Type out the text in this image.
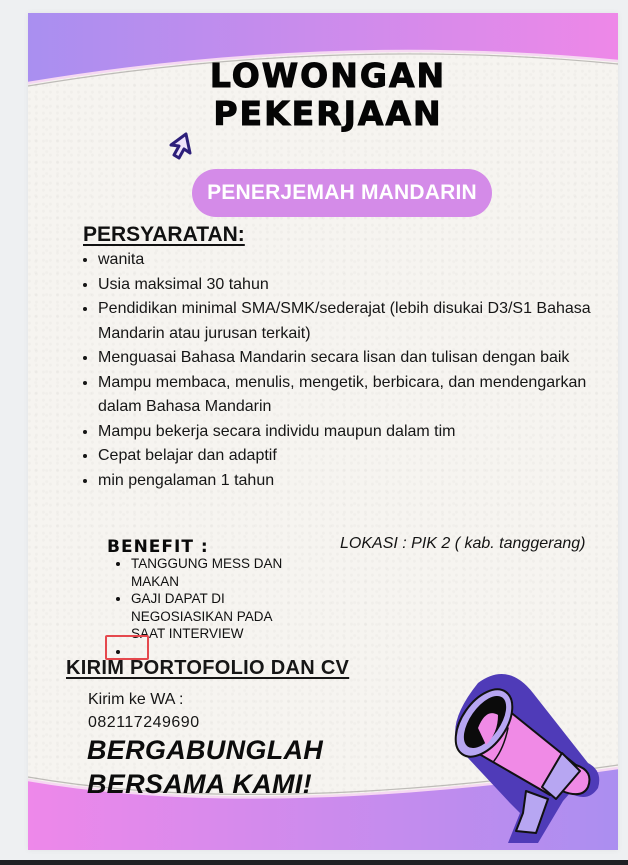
LOWONGAN
PEKERJAAN
PENERJEMAH MANDARIN
PERSYARATAN:
• wanita
• Usia maksimal 30 tahun
• Pendidikan minimal SMA/SMK/sederajat (lebih disukai D3/S1 Bahasa Mandarin atau jurusan terkait)
• Menguasai Bahasa Mandarin secara lisan dan tulisan dengan baik
• Mampu membaca, menulis, mengetik, berbicara, dan mendengarkan dalam Bahasa Mandarin
• Mampu bekerja secara individu maupun dalam tim
• Cepat belajar dan adaptif
• min pengalaman 1 tahun
BENEFIT :
• TANGGUNG MESS DAN MAKAN
• GAJI DAPAT DI NEGOSIASIKAN PADA SAAT INTERVIEW
•
LOKASI : PIK 2 ( kab. tanggerang)
KIRIM PORTOFOLIO DAN CV
Kirim ke WA :
082117249690
BERGABUNGLAH
BERSAMA KAMI!
